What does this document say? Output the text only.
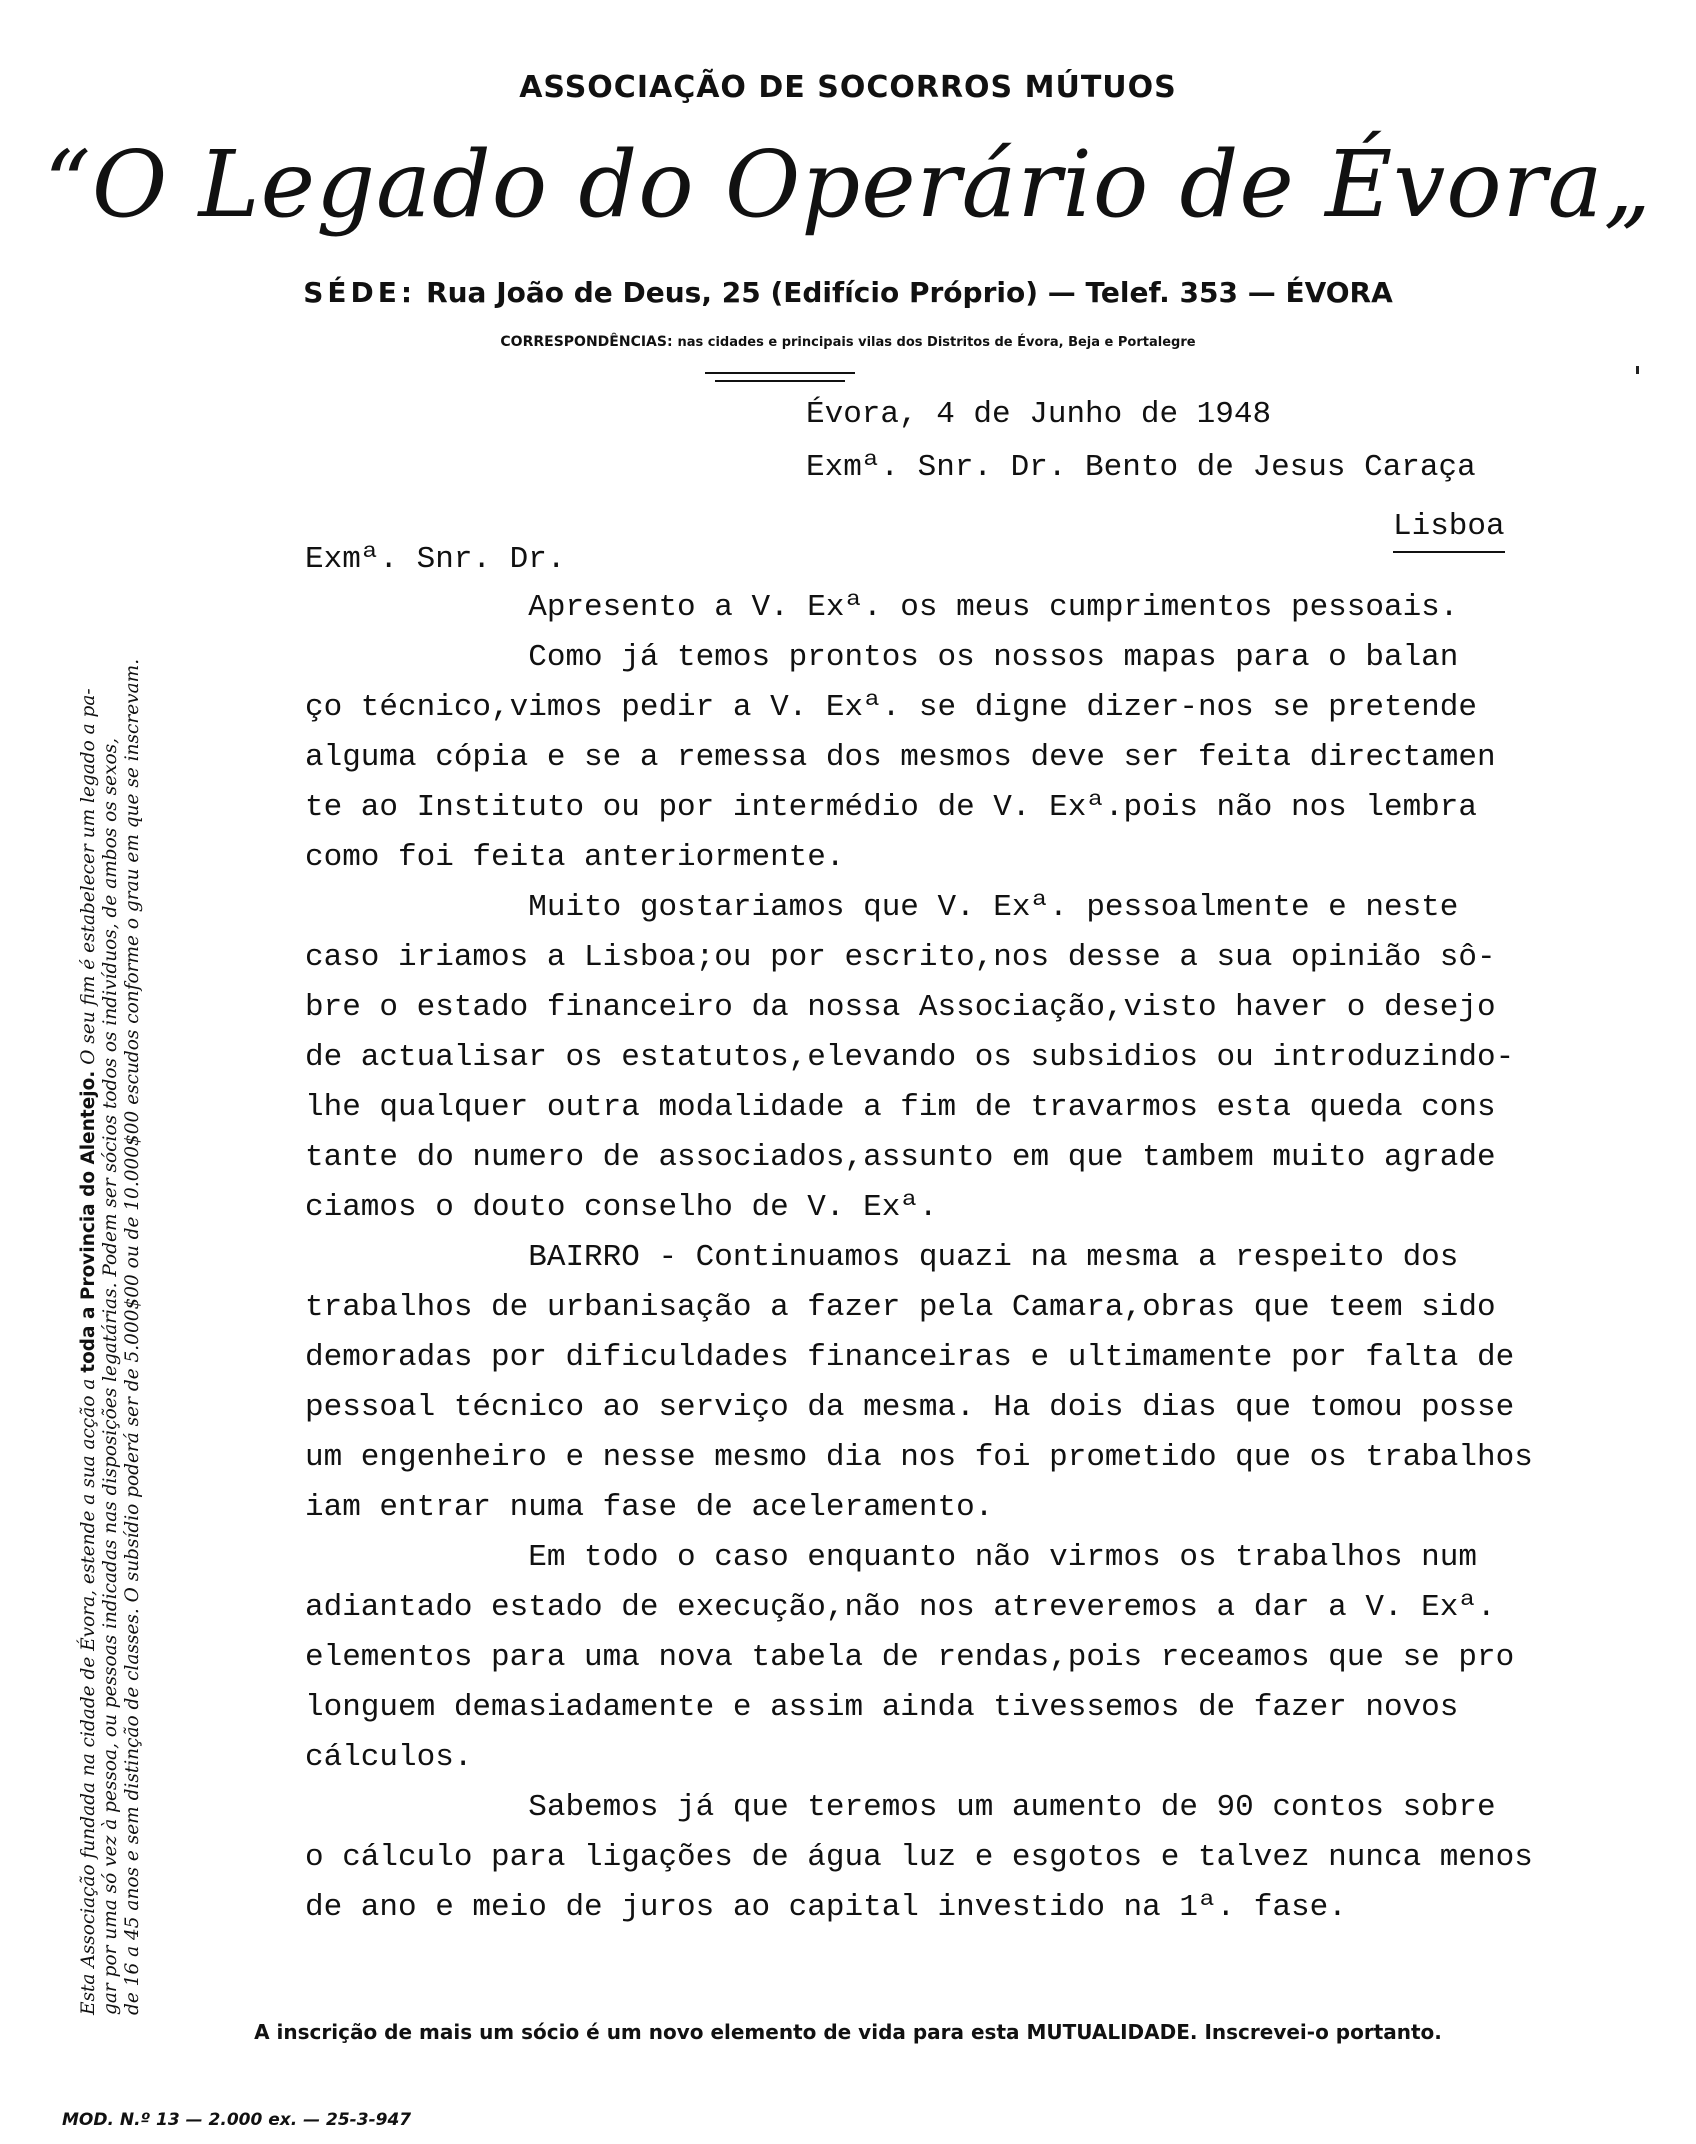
ASSOCIAÇÃO DE SOCORROS MÚTUOS
“O Legado do Operário de Évora„
SÉDE: Rua João de Deus, 25 (Edifício Próprio) — Telef. 353 — ÉVORA
CORRESPONDÊNCIAS: nas cidades e principais vilas dos Distritos de Évora, Beja e Portalegre
Esta Associação fundada na cidade de Évora, estende a sua acção a toda a Provincia do Alentejo. O seu fim é estabelecer um legado a pa- gar por uma só vez à pessoa, ou pessoas indicadas nas disposições legatárias. Podem ser sócios todos os indivíduos, de ambos os sexos, de 16 a 45 anos e sem distinção de classes. O subsídio poderá ser de 5.000$00 ou de 10.000$00 escudos conforme o grau em que se inscrevam.
Évora, 4 de Junho de 1948
Exmª. Snr. Dr. Bento de Jesus Caraça
Lisboa
Exmª. Snr. Dr.
Apresento a V. Exª. os meus cumprimentos pessoais.
Como já temos prontos os nossos mapas para o balan
ço técnico,vimos pedir a V. Exª. se digne dizer-nos se pretende
alguma cópia e se a remessa dos mesmos deve ser feita directamen
te ao Instituto ou por intermédio de V. Exª.pois não nos lembra
como foi feita anteriormente.
Muito gostariamos que V. Exª. pessoalmente e neste
caso iriamos a Lisboa;ou por escrito,nos desse a sua opinião sô-
bre o estado financeiro da nossa Associação,visto haver o desejo
de actualisar os estatutos,elevando os subsidios ou introduzindo-
lhe qualquer outra modalidade a fim de travarmos esta queda cons
tante do numero de associados,assunto em que tambem muito agrade
ciamos o douto conselho de V. Exª.
BAIRRO - Continuamos quazi na mesma a respeito dos
trabalhos de urbanisação a fazer pela Camara,obras que teem sido
demoradas por dificuldades financeiras e ultimamente por falta de
pessoal técnico ao serviço da mesma. Ha dois dias que tomou posse
um engenheiro e nesse mesmo dia nos foi prometido que os trabalhos
iam entrar numa fase de aceleramento.
Em todo o caso enquanto não virmos os trabalhos num
adiantado estado de execução,não nos atreveremos a dar a V. Exª.
elementos para uma nova tabela de rendas,pois receamos que se pro
longuem demasiadamente e assim ainda tivessemos de fazer novos
cálculos.
Sabemos já que teremos um aumento de 90 contos sobre
o cálculo para ligações de água luz e esgotos e talvez nunca menos
de ano e meio de juros ao capital investido na 1ª. fase.
A inscrição de mais um sócio é um novo elemento de vida para esta MUTUALIDADE. Inscrevei-o portanto.
MOD. N.º 13 — 2.000 ex. — 25-3-947
